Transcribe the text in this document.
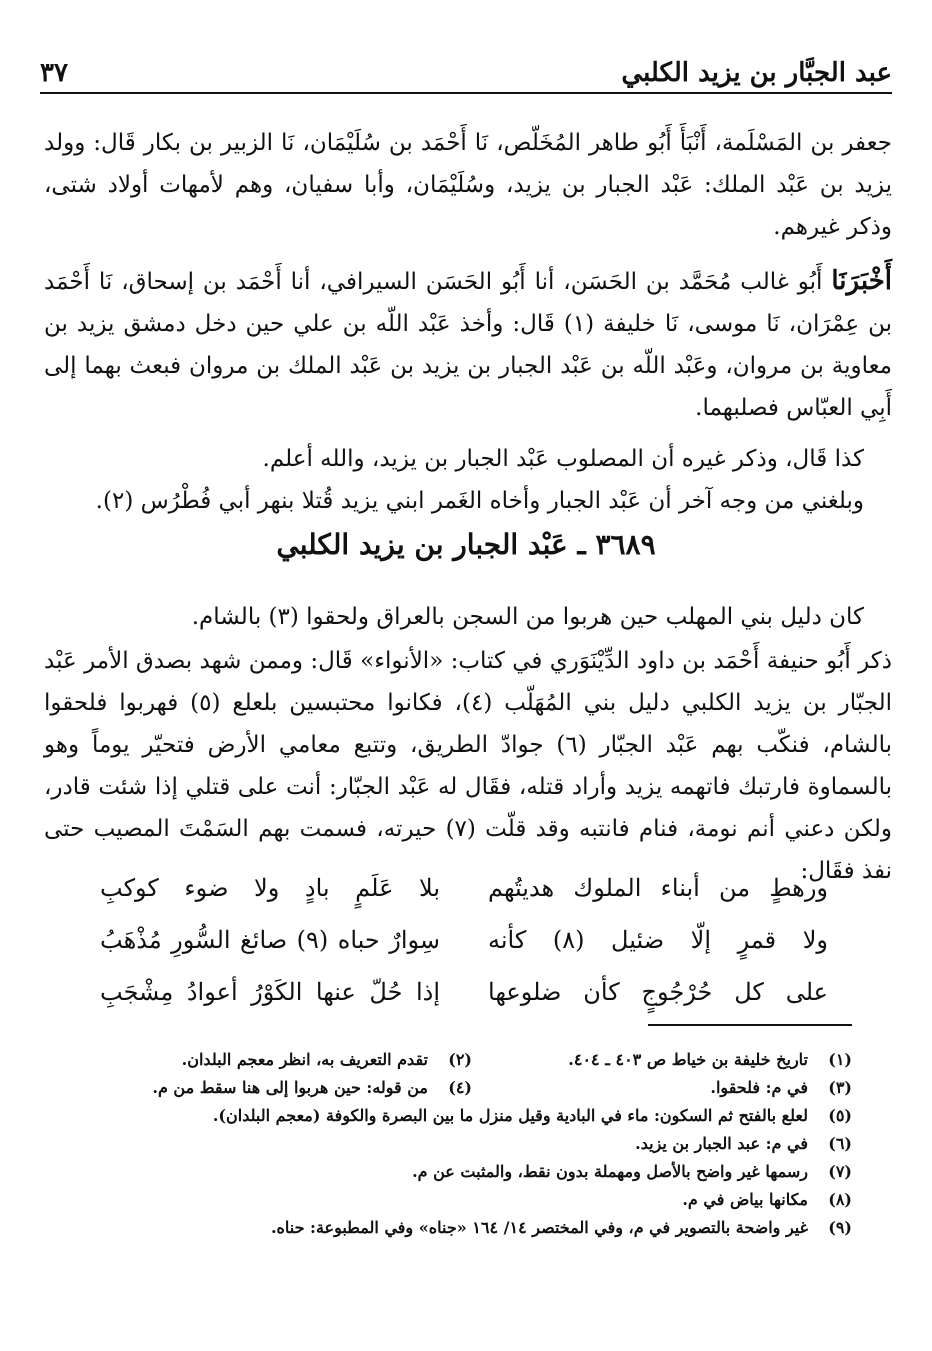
عبد الجبَّار بن يزيد الكلبي
٣٧

جعفر بن المَسْلَمة، أَنْبَأَ أَبُو طاهر المُخَلّص، نَا أَحْمَد بن سُلَيْمَان، نَا الزبير بن بكار قَال: وولد يزيد بن عَبْد الملك: عَبْد الجبار بن يزيد، وسُلَيْمَان، وأبا سفيان، وهم لأمهات أولاد شتى، وذكر غيرهم.

أَخْبَرَنَا أَبُو غالب مُحَمَّد بن الحَسَن، أنا أَبُو الحَسَن السيرافي، أنا أَحْمَد بن إسحاق، نَا أَحْمَد بن عِمْرَان، نَا موسى، نَا خليفة (١) قَال: وأخذ عَبْد اللّه بن علي حين دخل دمشق يزيد بن معاوية بن مروان، وعَبْد اللّه بن عَبْد الجبار بن يزيد بن عَبْد الملك بن مروان فبعث بهما إلى أَبِي العبّاس فصلبهما.

كذا قَال، وذكر غيره أن المصلوب عَبْد الجبار بن يزيد، والله أعلم.

وبلغني من وجه آخر أن عَبْد الجبار وأخاه الغَمر ابني يزيد قُتلا بنهر أبي فُطْرُس (٢).

٣٦٨٩ ـ عَبْد الجبار بن يزيد الكلبي

كان دليل بني المهلب حين هربوا من السجن بالعراق ولحقوا (٣) بالشام.

ذكر أَبُو حنيفة أَحْمَد بن داود الدِّيْنَوَري في كتاب: «الأنواء» قَال: وممن شهد بصدق الأمر عَبْد الجبّار بن يزيد الكلبي دليل بني المُهَلّب (٤)، فكانوا محتبسين بلعلع (٥) فهربوا فلحقوا بالشام، فنكّب بهم عَبْد الجبّار (٦) جوادّ الطريق، وتتبع معامي الأرض فتحيّر يوماً وهو بالسماوة فارتبك فاتهمه يزيد وأراد قتله، فقَال له عَبْد الجبّار: أنت على قتلي إذا شئت قادر، ولكن دعني أنم نومة، فنام فانتبه وقد قلّت (٧) حيرته، فسمت بهم السَمْتَ المصيب حتى نفذ فقَال:

ورهطٍ من أبناء الملوك هديتُهم
بلا عَلَمٍ بادٍ ولا ضوء كوكبِ
ولا قمرٍ إلّا ضئيل (٨) كأنه
سِوارٌ حباه (٩) صائغ السُّورِ مُذْهَبُ
على كل حُرْجُوجٍ كأن ضلوعها
إذا حُلّ عنها الكَوْرُ أعوادُ مِشْجَبِ
(١)
تاريخ خليفة بن خياط ص ٤٠٣ ـ ٤٠٤.
(٢)
تقدم التعريف به، انظر معجم البلدان.
(٣)
في م: فلحقوا.
(٤)
من قوله: حين هربوا إلى هنا سقط من م.
(٥)
لعلع بالفتح ثم السكون: ماء في البادية وقيل منزل ما بين البصرة والكوفة (معجم البلدان).
(٦)
في م: عبد الجبار بن يزيد.
(٧)
رسمها غير واضح بالأصل ومهملة بدون نقط، والمثبت عن م.
(٨)
مكانها بياض في م.
(٩)
غير واضحة بالتصوير في م، وفي المختصر ١٤/ ١٦٤ «جناه» وفي المطبوعة: حناه.
